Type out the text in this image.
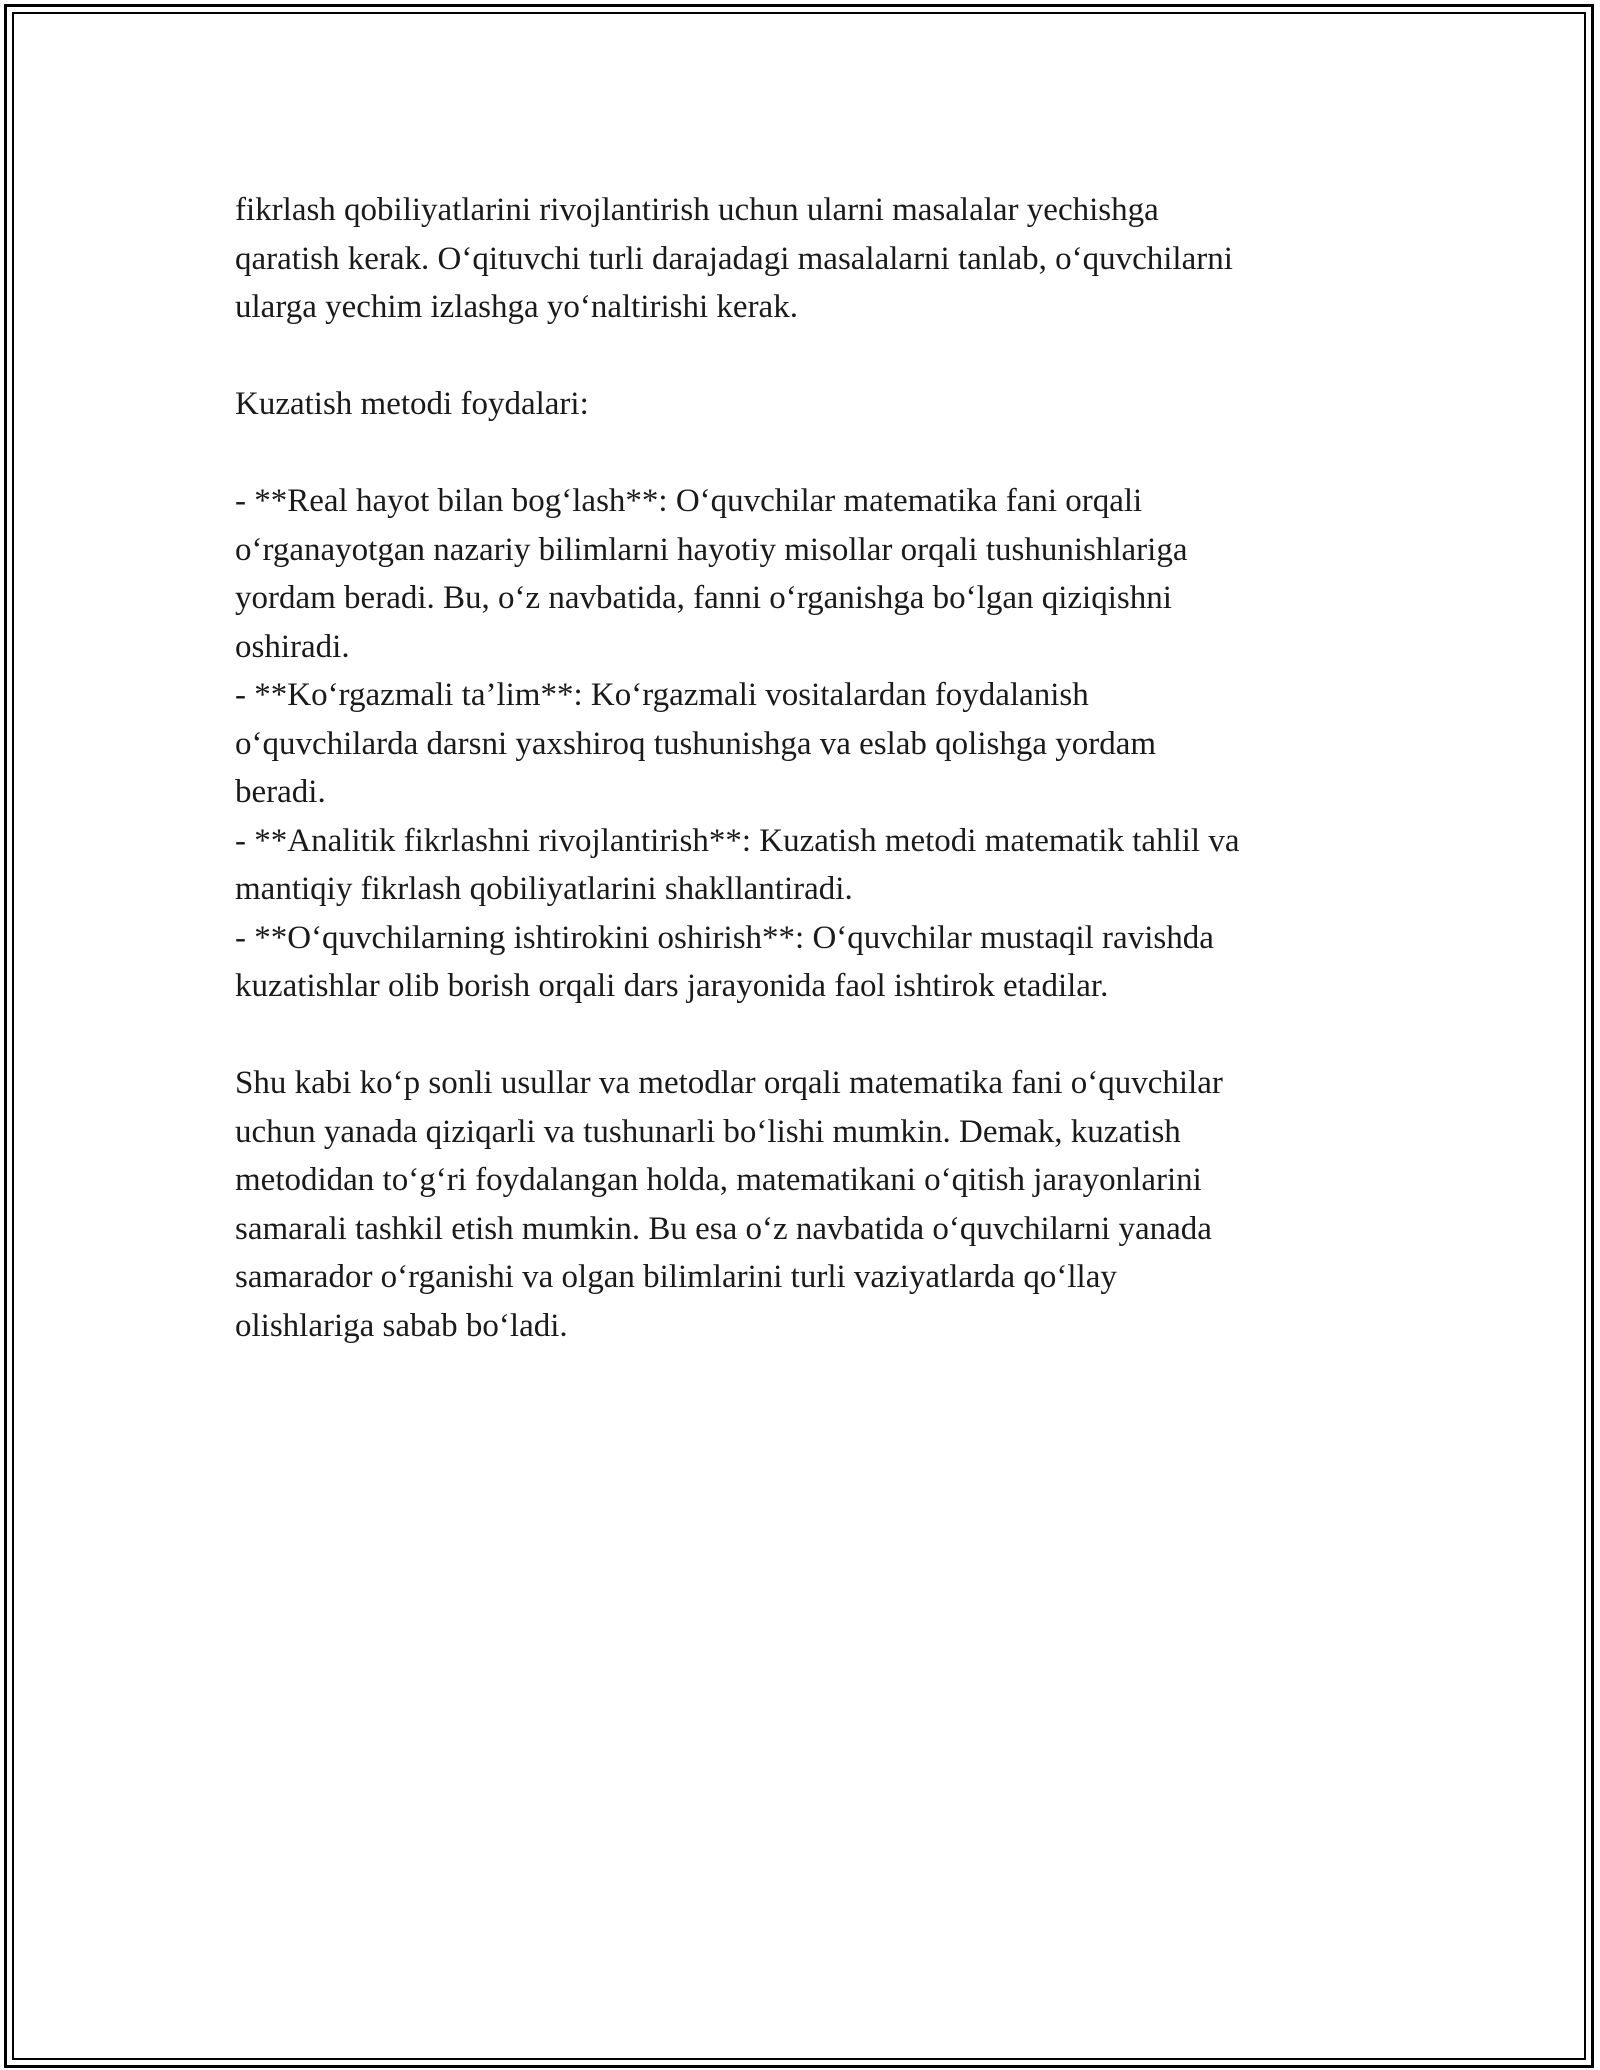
fikrlash qobiliyatlarini rivojlantirish uchun ularni masalalar yechishga
qaratish kerak. O‘qituvchi turli darajadagi masalalarni tanlab, o‘quvchilarni
ularga yechim izlashga yo‘naltirishi kerak.

Kuzatish metodi foydalari:

- **Real hayot bilan bog‘lash**: O‘quvchilar matematika fani orqali
o‘rganayotgan nazariy bilimlarni hayotiy misollar orqali tushunishlariga
yordam beradi. Bu, o‘z navbatida, fanni o‘rganishga bo‘lgan qiziqishni
oshiradi.
- **Ko‘rgazmali ta’lim**: Ko‘rgazmali vositalardan foydalanish
o‘quvchilarda darsni yaxshiroq tushunishga va eslab qolishga yordam
beradi.
- **Analitik fikrlashni rivojlantirish**: Kuzatish metodi matematik tahlil va
mantiqiy fikrlash qobiliyatlarini shakllantiradi.
- **O‘quvchilarning ishtirokini oshirish**: O‘quvchilar mustaqil ravishda
kuzatishlar olib borish orqali dars jarayonida faol ishtirok etadilar.

Shu kabi ko‘p sonli usullar va metodlar orqali matematika fani o‘quvchilar
uchun yanada qiziqarli va tushunarli bo‘lishi mumkin. Demak, kuzatish
metodidan to‘g‘ri foydalangan holda, matematikani o‘qitish jarayonlarini
samarali tashkil etish mumkin. Bu esa o‘z navbatida o‘quvchilarni yanada
samarador o‘rganishi va olgan bilimlarini turli vaziyatlarda qo‘llay
olishlariga sabab bo‘ladi.
